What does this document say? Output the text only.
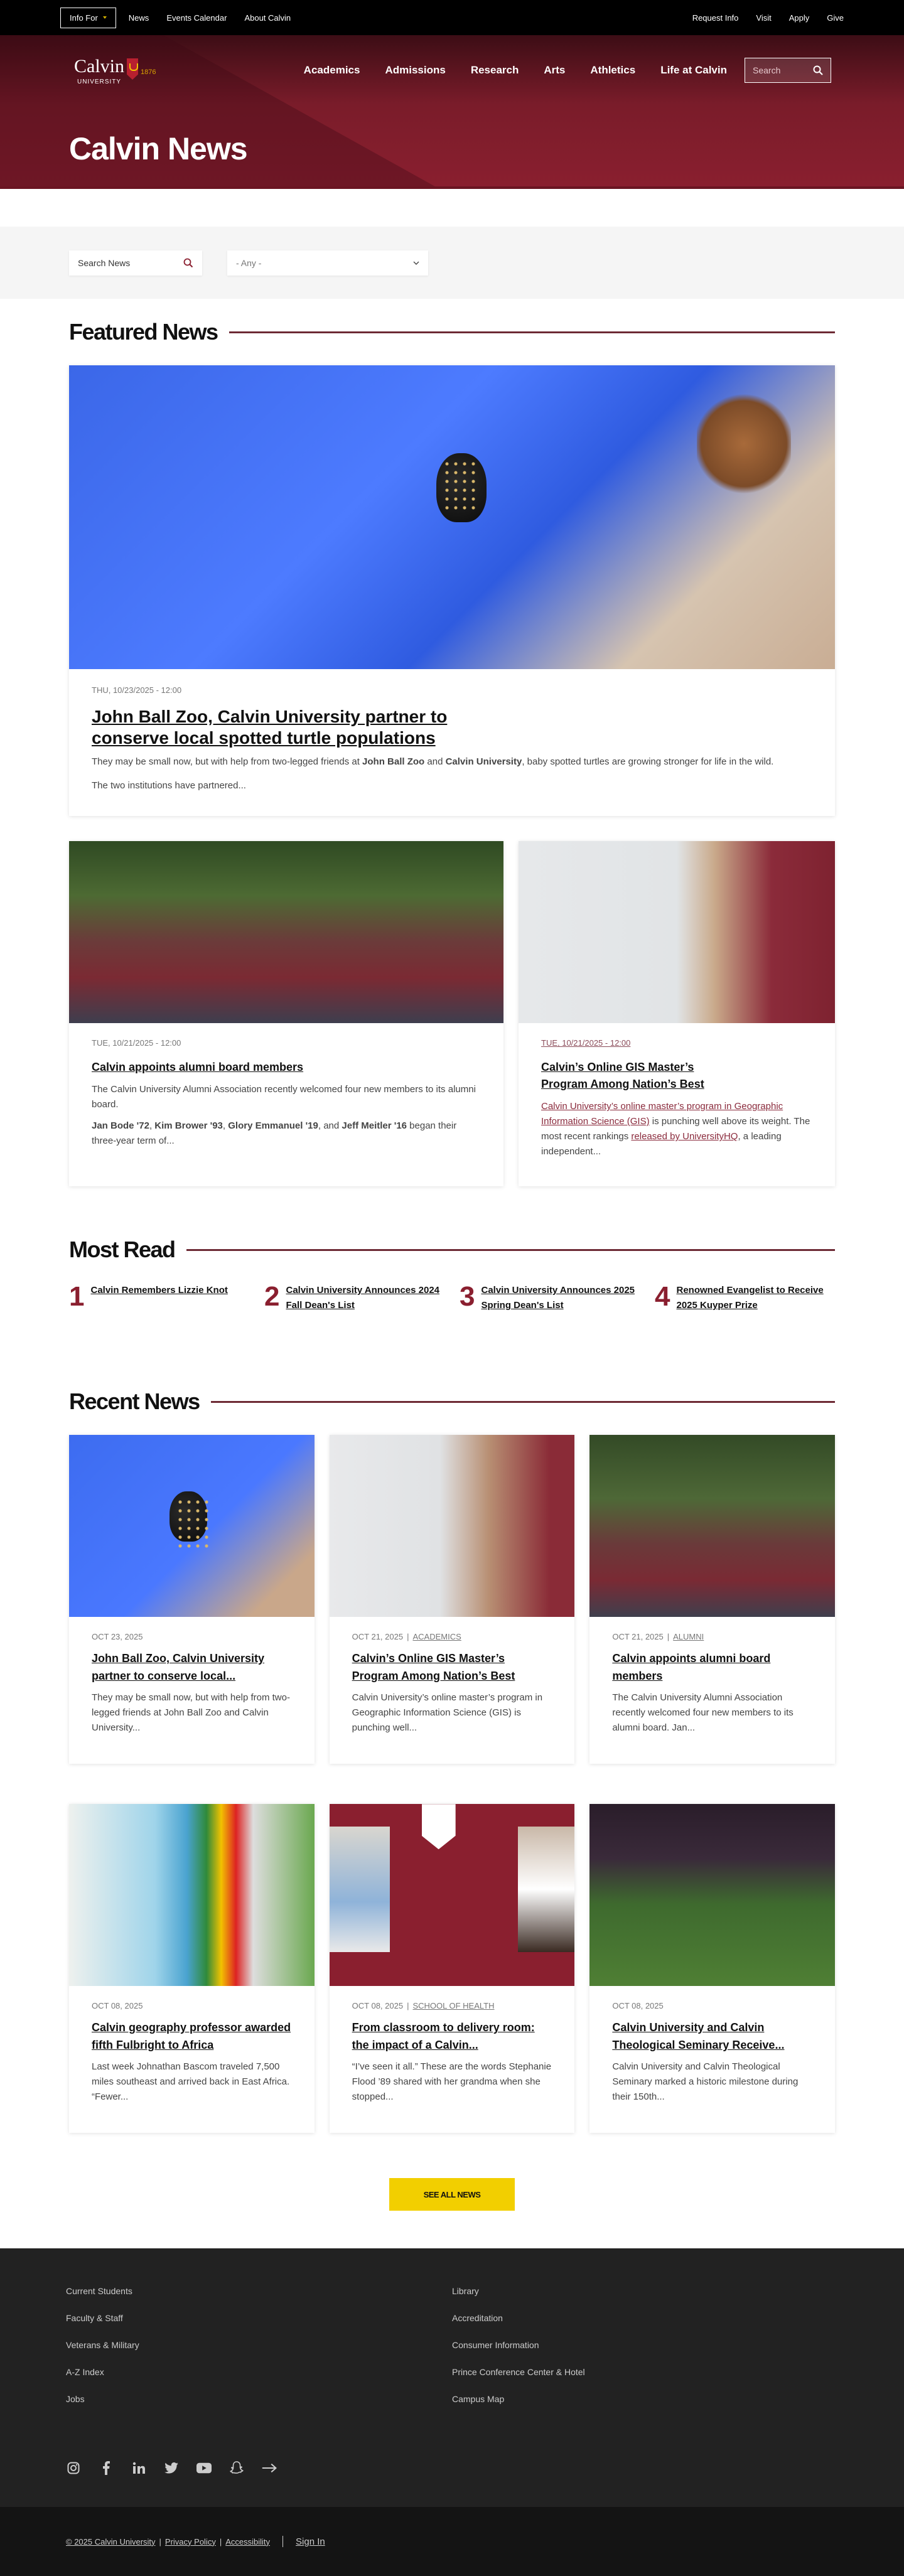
Info For	News Events Calendar About Calvin	Request Info Visit Apply Give
Calvin
UNIVERSITY
1876	Academics Admissions Research Arts Athletics Life at Calvin	Search
Calvin News
Search News	- Any -
Featured News
THU, 10/23/2025 - 12:00
John Ball Zoo, Calvin University partner to conserve local spotted turtle populations

They may be small now, but with help from two-legged friends at John Ball Zoo and Calvin University, baby spotted turtles are growing stronger for life in the wild.

The two institutions have partnered...

TUE, 10/21/2025 - 12:00
Calvin appoints alumni board members

The Calvin University Alumni Association recently welcomed four new members to its alumni board.

Jan Bode '72, Kim Brower '93, Glory Emmanuel '19, and Jeff Meitler '16 began their three-year term of...

TUE, 10/21/2025 - 12:00
Calvin’s Online GIS Master’s Program Among Nation’s Best

Calvin University’s online master’s program in Geographic Information Science (GIS) is punching well above its weight. The most recent rankings released by UniversityHQ, a leading independent...

Most Read
1 Calvin Remembers Lizzie Knot 2 Calvin University Announces 2024 Fall Dean's List	3 Calvin University Announces 2025 Spring Dean's List	4 Renowned Evangelist to Receive 2025 Kuyper Prize
Recent News
OCT 23, 2025
John Ball Zoo, Calvin University partner to conserve local...

They may be small now, but with help from two-legged friends at John Ball Zoo and Calvin University...

OCT 21, 2025 | ACADEMICS
Calvin’s Online GIS Master’s Program Among Nation’s Best

Calvin University’s online master’s program in Geographic Information Science (GIS) is punching well...

OCT 21, 2025 | ALUMNI
Calvin appoints alumni board members

The Calvin University Alumni Association recently welcomed four new members to its alumni board. Jan...

OCT 08, 2025
Calvin geography professor awarded fifth Fulbright to Africa

Last week Johnathan Bascom traveled 7,500 miles southeast and arrived back in East Africa. “Fewer...

OCT 08, 2025 | SCHOOL OF HEALTH
From classroom to delivery room: the impact of a Calvin...

“I’ve seen it all.” These are the words Stephanie Flood ’89 shared with her grandma when she stopped...

OCT 08, 2025
Calvin University and Calvin Theological Seminary Receive...

Calvin University and Calvin Theological Seminary marked a historic milestone during their 150th...

SEE ALL NEWS
Current Students	Library
Faculty & Staff	Accreditation
Veterans & Military	Consumer Information
A-Z Index	Prince Conference Center & Hotel
Jobs	Campus Map
© 2025 Calvin University | Privacy Policy | Accessibility	Sign In
